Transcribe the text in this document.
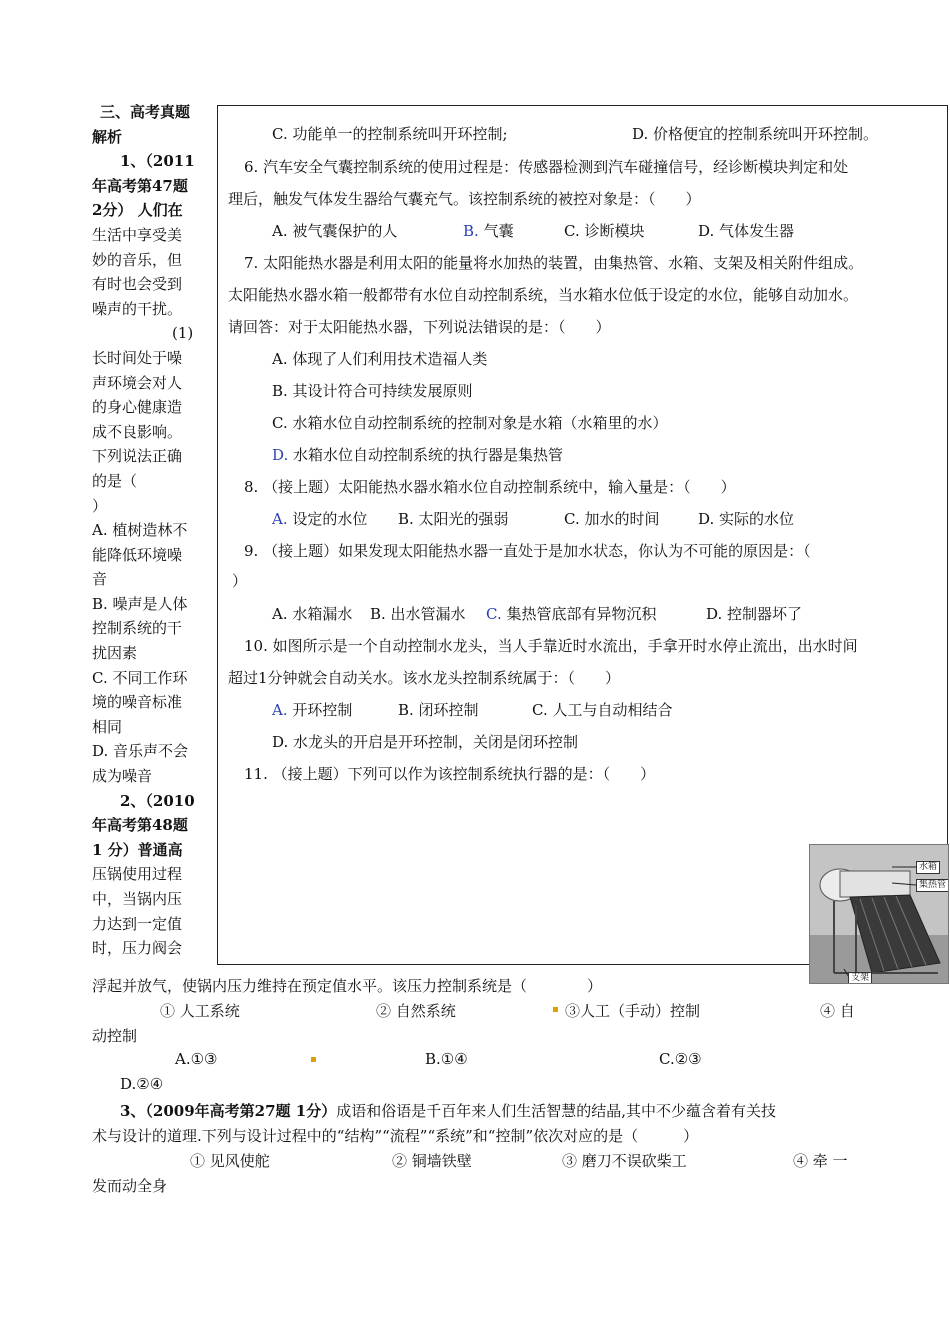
三、高考真题
解析
1、（2011
年高考第47题
2分） 人们在
生活中享受美
妙的音乐，但
有时也会受到
噪声的干扰。
(1)
长时间处于噪
声环境会对人
的身心健康造
成不良影响。
下列说法正确
的是（
）
A. 植树造林不
能降低环境噪
音
B. 噪声是人体
控制系统的干
扰因素
C. 不同工作环
境的噪音标准
相同
D. 音乐声不会
成为噪音
2、（2010
年高考第48题
1 分）普通高
压锅使用过程
中，当锅内压
力达到一定值
时，压力阀会
C. 功能单一的控制系统叫开环控制;	D. 价格便宜的控制系统叫开环控制。
6. 汽车安全气囊控制系统的使用过程是：传感器检测到汽车碰撞信号，经诊断模块判定和处
理后，触发气体发生器给气囊充气。该控制系统的被控对象是：（　　）
A. 被气囊保护的人	B. 气囊	C. 诊断模块	D. 气体发生器
7. 太阳能热水器是利用太阳的能量将水加热的装置，由集热管、水箱、支架及相关附件组成。
太阳能热水器水箱一般都带有水位自动控制系统，当水箱水位低于设定的水位，能够自动加水。
请回答：对于太阳能热水器，下列说法错误的是：（　　）
A. 体现了人们利用技术造福人类
B. 其设计符合可持续发展原则
C. 水箱水位自动控制系统的控制对象是水箱（水箱里的水）
D. 水箱水位自动控制系统的执行器是集热管
8. （接上题）太阳能热水器水箱水位自动控制系统中，输入量是：（　　）
A. 设定的水位 B. 太阳光的强弱	C. 加水的时间	D. 实际的水位
9. （接上题）如果发现太阳能热水器一直处于是加水状态，你认为不可能的原因是：（
）
A. 水箱漏水 B. 出水管漏水 C. 集热管底部有异物沉积	D. 控制器坏了
10. 如图所示是一个自动控制水龙头，当人手靠近时水流出，手拿开时水停止流出，出水时间
超过1分钟就会自动关水。该水龙头控制系统属于：（　　）
A. 开环控制	B. 闭环控制	C. 人工与自动相结合
D. 水龙头的开启是开环控制，关闭是闭环控制
11. （接上题）下列可以作为该控制系统执行器的是：（　　）
水箱
集热管
支架
浮起并放气，使锅内压力维持在预定值水平。该压力控制系统是（　　　　）
① 人工系统	② 自然系统	▪ ③人工（手动）控制	④ 自
动控制
A.①③	▪	B.①④	C.②③
D.②④
3、（2009年高考第27题 1分）成语和俗语是千百年来人们生活智慧的结晶,其中不少蕴含着有关技
术与设计的道理.下列与设计过程中的“结构”“流程”“系统”和“控制”依次对应的是（　　　）
① 见风使舵	② 铜墙铁壁	③ 磨刀不误砍柴工	④ 牵 一
发而动全身
